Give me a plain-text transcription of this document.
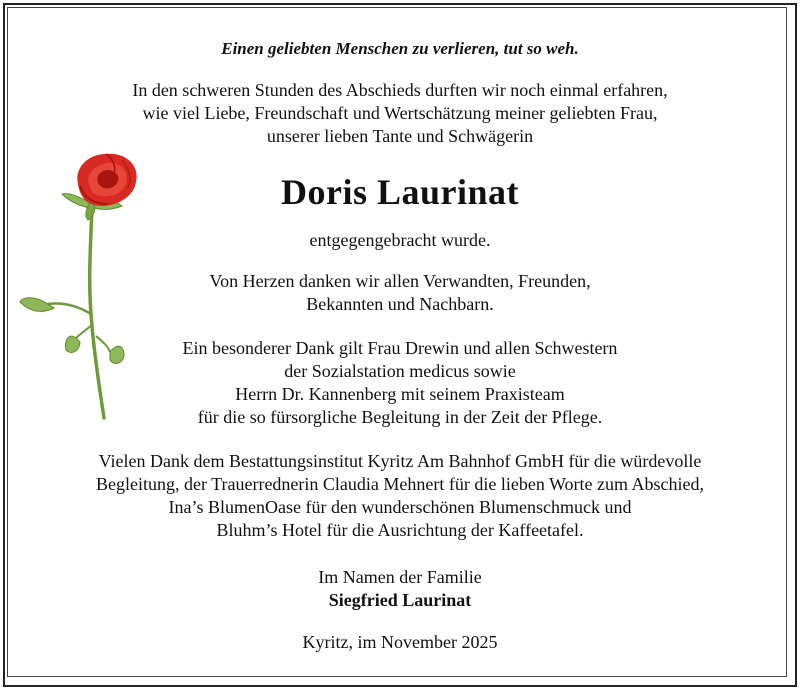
Einen geliebten Menschen zu verlieren, tut so weh.

In den schweren Stunden des Abschieds durften wir noch einmal erfahren,
wie viel Liebe, Freundschaft und Wertschätzung meiner geliebten Frau,
unserer lieben Tante und Schwägerin

Doris Laurinat

entgegengebracht wurde.

Von Herzen danken wir allen Verwandten, Freunden,
Bekannten und Nachbarn.

Ein besonderer Dank gilt Frau Drewin und allen Schwestern
der Sozialstation medicus sowie
Herrn Dr. Kannenberg mit seinem Praxisteam
für die so fürsorgliche Begleitung in der Zeit der Pflege.

Vielen Dank dem Bestattungsinstitut Kyritz Am Bahnhof GmbH für die würdevolle
Begleitung, der Trauerrednerin Claudia Mehnert für die lieben Worte zum Abschied,
Ina’s BlumenOase für den wunderschönen Blumenschmuck und
Bluhm’s Hotel für die Ausrichtung der Kaffeetafel.

Im Namen der Familie
Siegfried Laurinat

Kyritz, im November 2025
